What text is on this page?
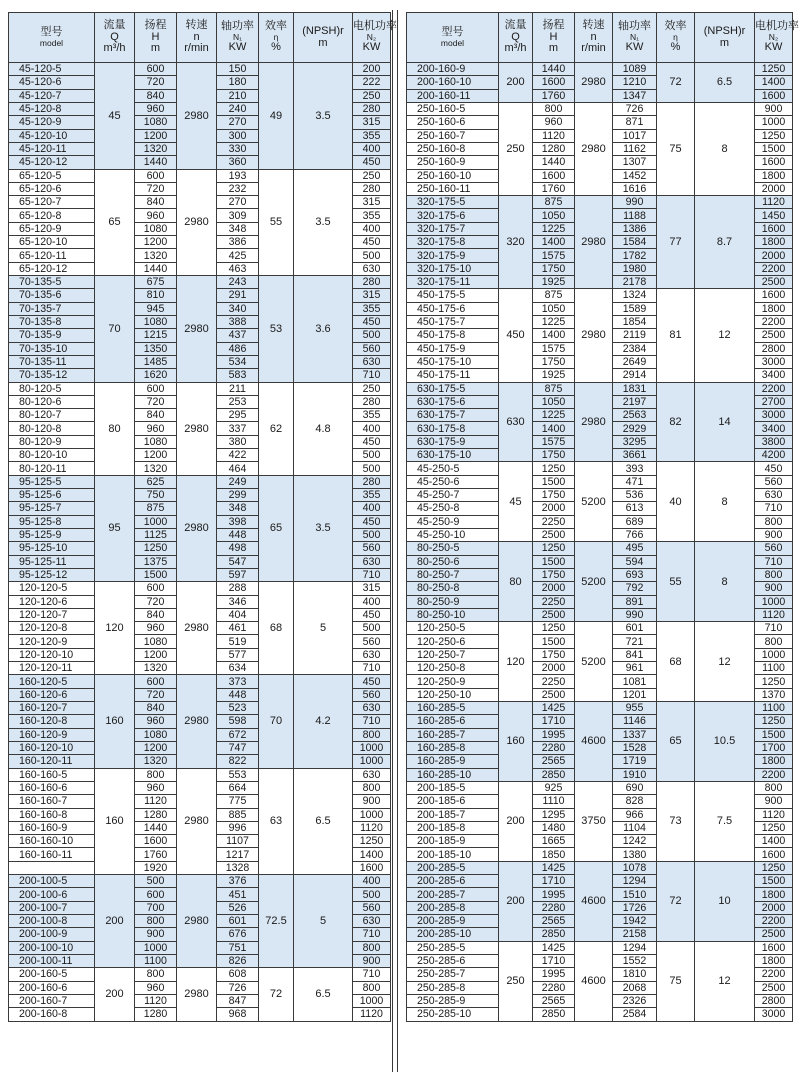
型号
model	流量
Q
m³/h	扬程
H
m	转速
n
r/min	轴功率
N₁
KW	效率
η
%	(NPSH)r
m	电机功率
N₂
KW

45-120-5	45	600	2980	150	49	3.5	200
45-120-6		720		180			222
45-120-7		840		210			250
45-120-8		960		240			280
45-120-9		1080		270			315
45-120-10		1200		300			355
45-120-11		1320		330			400
45-120-12		1440		360			450
65-120-5	65	600	2980	193	55	3.5	250
65-120-6		720		232			280
65-120-7		840		270			315
65-120-8		960		309			355
65-120-9		1080		348			400
65-120-10		1200		386			450
65-120-11		1320		425			500
65-120-12		1440		463			630
70-135-5	70	675	2980	243	53	3.6	280
70-135-6		810		291			315
70-135-7		945		340			355
70-135-8		1080		388			450
70-135-9		1215		437			500
70-135-10		1350		486			560
70-135-11		1485		534			630
70-135-12		1620		583			710
80-120-5	80	600	2980	211	62	4.8	250
80-120-6		720		253			280
80-120-7		840		295			355
80-120-8		960		337			400
80-120-9		1080		380			450
80-120-10		1200		422			500
80-120-11		1320		464			500
95-125-5	95	625	2980	249	65	3.5	280
95-125-6		750		299			355
95-125-7		875		348			400
95-125-8		1000		398			450
95-125-9		1125		448			500
95-125-10		1250		498			560
95-125-11		1375		547			630
95-125-12		1500		597			710
120-120-5	120	600	2980	288	68	5	315
120-120-6		720		346			400
120-120-7		840		404			450
120-120-8		960		461			500
120-120-9		1080		519			560
120-120-10		1200		577			630
120-120-11		1320		634			710
160-120-5	160	600	2980	373	70	4.2	450
160-120-6		720		448			560
160-120-7		840		523			630
160-120-8		960		598			710
160-120-9		1080		672			800
160-120-10		1200		747			1000
160-120-11		1320		822			1000
160-160-5	160	800	2980	553	63	6.5	630
160-160-6		960		664			800
160-160-7		1120		775			900
160-160-8		1280		885			1000
160-160-9		1440		996			1120
160-160-10		1600		1107			1250
160-160-11		1760		1217			1400
		1920		1328			1600
200-100-5	200	500	2980	376	72.5	5	400
200-100-6		600		451			500
200-100-7		700		526			560
200-100-8		800		601			630
200-100-9		900		676			710
200-100-10		1000		751			800
200-100-11		1100		826			900
200-160-5	200	800	2980	608	72	6.5	710
200-160-6		960		726			800
200-160-7		1120		847			1000
200-160-8		1280		968			1120
型号
model	流量
Q
m³/h	扬程
H
m	转速
n
r/min	轴功率
N₁
KW	效率
η
%	(NPSH)r
m	电机功率
N₂
KW

200-160-9	200	1440	2980	1089	72	6.5	1250
200-160-10		1600		1210			1400
200-160-11		1760		1347			1600
250-160-5	250	800	2980	726	75	8	900
250-160-6		960		871			1000
250-160-7		1120		1017			1250
250-160-8		1280		1162			1500
250-160-9		1440		1307			1600
250-160-10		1600		1452			1800
250-160-11		1760		1616			2000
320-175-5	320	875	2980	990	77	8.7	1120
320-175-6		1050		1188			1450
320-175-7		1225		1386			1600
320-175-8		1400		1584			1800
320-175-9		1575		1782			2000
320-175-10		1750		1980			2200
320-175-11		1925		2178			2500
450-175-5	450	875	2980	1324	81	12	1600
450-175-6		1050		1589			1800
450-175-7		1225		1854			2200
450-175-8		1400		2119			2500
450-175-9		1575		2384			2800
450-175-10		1750		2649			3000
450-175-11		1925		2914			3400
630-175-5	630	875	2980	1831	82	14	2200
630-175-6		1050		2197			2700
630-175-7		1225		2563			3000
630-175-8		1400		2929			3400
630-175-9		1575		3295			3800
630-175-10		1750		3661			4200
45-250-5	45	1250	5200	393	40	8	450
45-250-6		1500		471			560
45-250-7		1750		536			630
45-250-8		2000		613			710
45-250-9		2250		689			800
45-250-10		2500		766			900
80-250-5	80	1250	5200	495	55	8	560
80-250-6		1500		594			710
80-250-7		1750		693			800
80-250-8		2000		792			900
80-250-9		2250		891			1000
80-250-10		2500		990			1120
120-250-5	120	1250	5200	601	68	12	710
120-250-6		1500		721			800
120-250-7		1750		841			1000
120-250-8		2000		961			1100
120-250-9		2250		1081			1250
120-250-10		2500		1201			1370
160-285-5	160	1425	4600	955	65	10.5	1100
160-285-6		1710		1146			1250
160-285-7		1995		1337			1500
160-285-8		2280		1528			1700
160-285-9		2565		1719			1800
160-285-10		2850		1910			2200
200-185-5	200	925	3750	690	73	7.5	800
200-185-6		1110		828			900
200-185-7		1295		966			1120
200-185-8		1480		1104			1250
200-185-9		1665		1242			1400
200-185-10		1850		1380			1600
200-285-5	200	1425	4600	1078	72	10	1250
200-285-6		1710		1294			1500
200-285-7		1995		1510			1800
200-285-8		2280		1726			2000
200-285-9		2565		1942			2200
200-285-10		2850		2158			2500
250-285-5	250	1425	4600	1294	75	12	1600
250-285-6		1710		1552			1800
250-285-7		1995		1810			2200
250-285-8		2280		2068			2500
250-285-9		2565		2326			2800
250-285-10		2850		2584			3000
